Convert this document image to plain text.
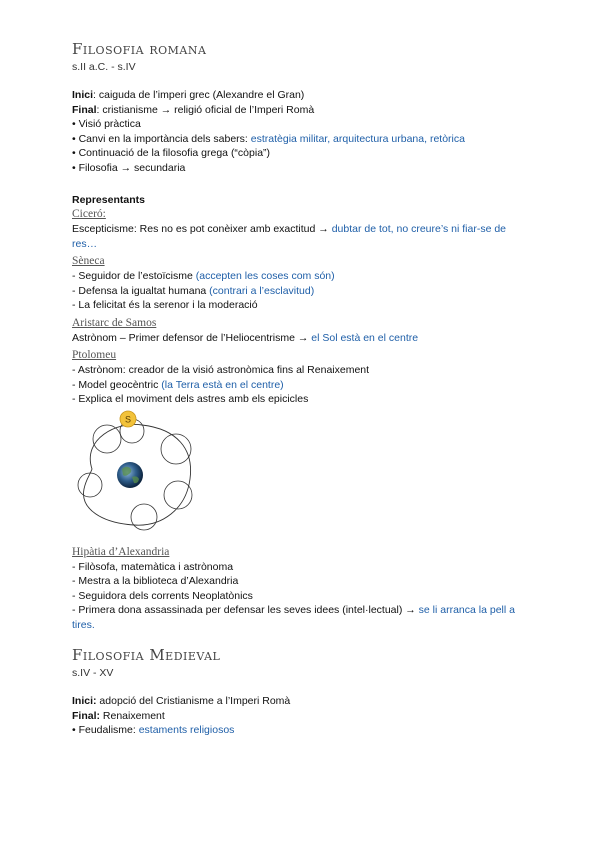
Filosofia romana

s.II a.C. - s.IV

Inici: caiguda de l’imperi grec (Alexandre el Gran)

Final: cristianisme → religió oficial de l’Imperi Romà

• Visió pràctica

• Canvi en la importància dels sabers: estratègia militar, arquitectura urbana, retòrica

• Continuació de la filosofia grega (“còpia”)

• Filosofia → secundaria

Representants

Ciceró:

Escepticisme: Res no es pot conèixer amb exactitud → dubtar de tot, no creure’s ni fiar-se de res…

Sèneca

- Seguidor de l’estoïcisme (accepten les coses com són)

- Defensa la igualtat humana (contrari a l’esclavitud)

- La felicitat és la serenor i la moderació

Aristarc de Samos

Astrònom – Primer defensor de l’Heliocentrisme → el Sol està en el centre

Ptolomeu

- Astrònom: creador de la visió astronòmica fins al Renaixement

- Model geocèntric (la Terra està en el centre)

- Explica el moviment dels astres amb els epicicles

S

Hipàtia d’Alexandria

- Filòsofa, matemàtica i astrònoma

- Mestra a la biblioteca d’Alexandria

- Seguidora dels corrents Neoplatònics

- Primera dona assassinada per defensar les seves idees (intel·lectual) → se li arranca la pell a tires.

Filosofia Medieval

s.IV - XV

Inici: adopció del Cristianisme a l’Imperi Romà

Final: Renaixement

• Feudalisme: estaments religiosos
